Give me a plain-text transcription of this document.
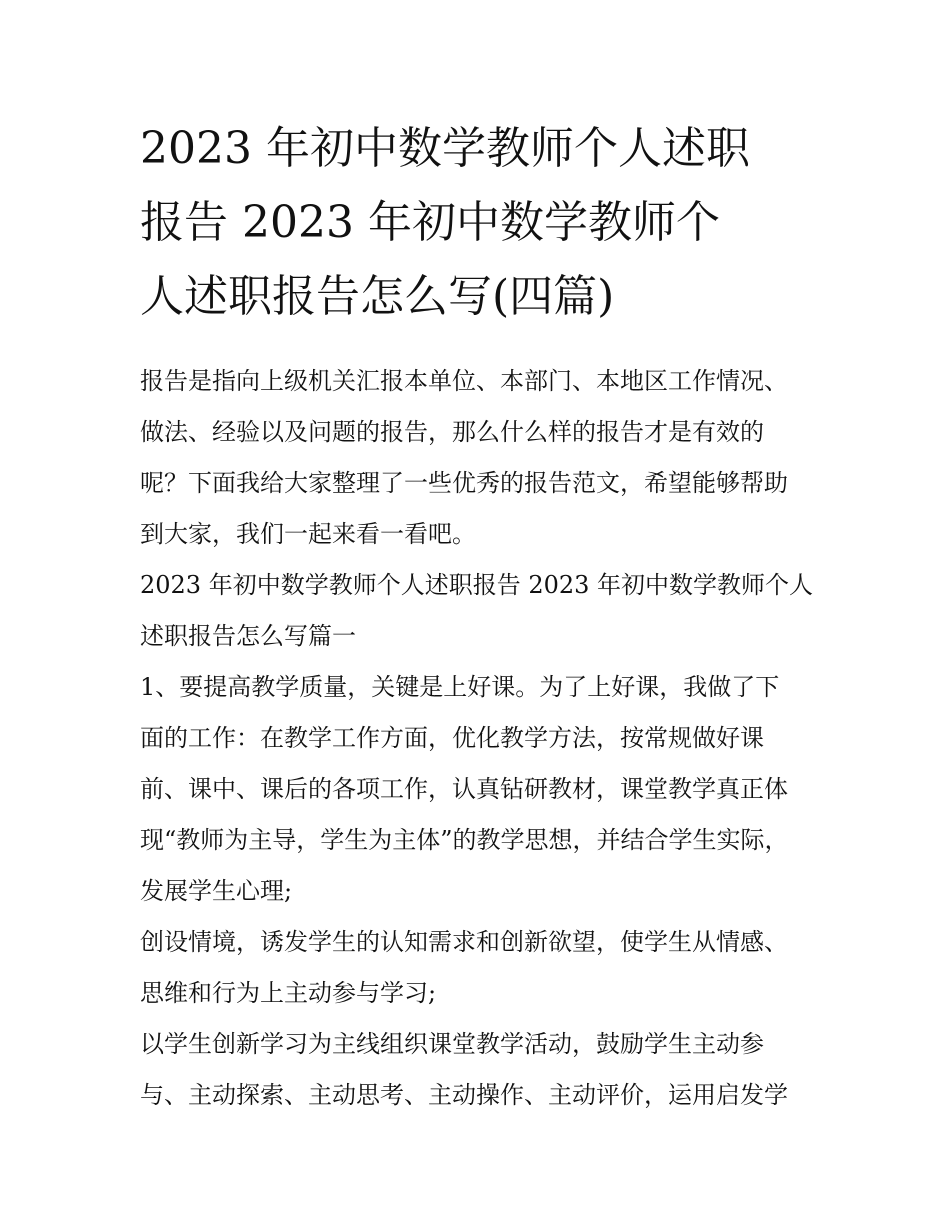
2023 年初中数学教师个人述职
报告 2023 年初中数学教师个
人述职报告怎么写(四篇)
报告是指向上级机关汇报本单位、本部门、本地区工作情况、
做法、经验以及问题的报告，那么什么样的报告才是有效的
呢？下面我给大家整理了一些优秀的报告范文，希望能够帮助
到大家，我们一起来看一看吧。
2023 年初中数学教师个人述职报告 2023 年初中数学教师个人
述职报告怎么写篇一
1、要提高教学质量，关键是上好课。为了上好课，我做了下
面的工作：在教学工作方面，优化教学方法，按常规做好课
前、课中、课后的各项工作，认真钻研教材，课堂教学真正体
现“教师为主导，学生为主体”的教学思想，并结合学生实际，
发展学生心理;
创设情境，诱发学生的认知需求和创新欲望，使学生从情感、
思维和行为上主动参与学习;
以学生创新学习为主线组织课堂教学活动，鼓励学生主动参
与、主动探索、主动思考、主动操作、主动评价，运用启发学
